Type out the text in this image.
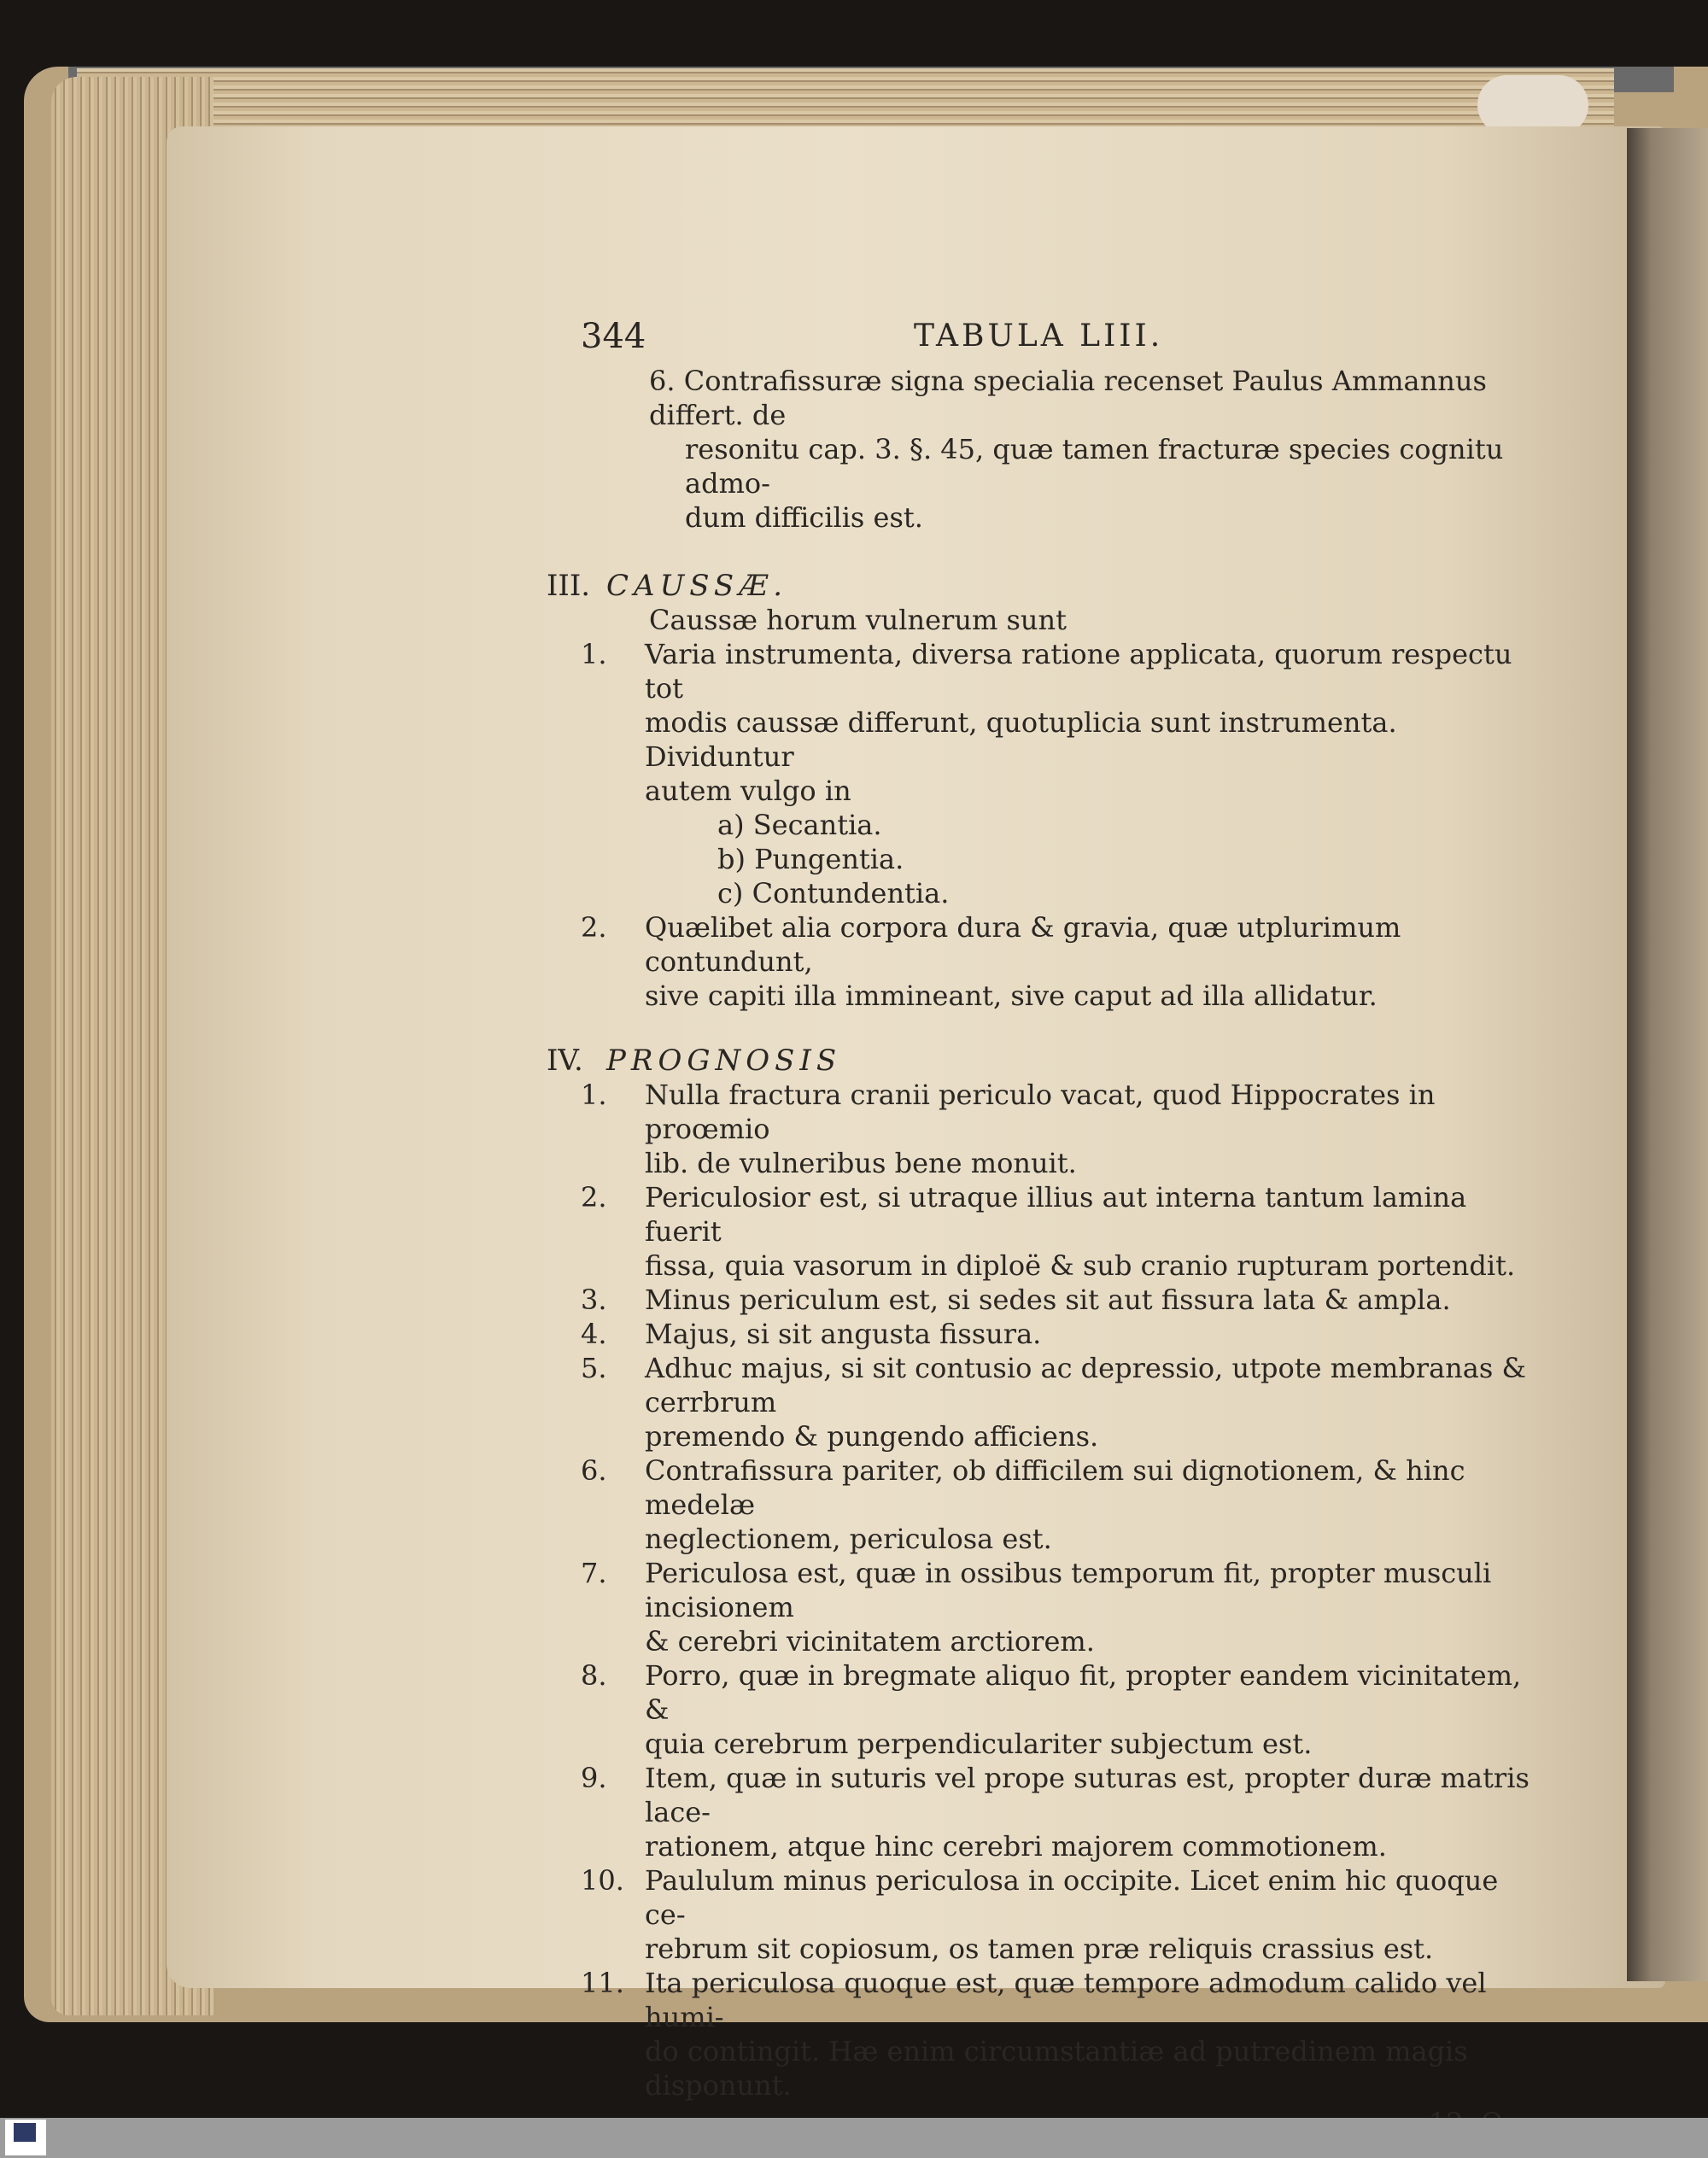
344	TABULA LIII.
6. Contrafissuræ signa specialia recenset Paulus Ammannus differt. de
resonitu cap. 3. §. 45, quæ tamen fracturæ species cognitu admo-
dum difficilis est.
III. CAUSSÆ.
Caussæ horum vulnerum sunt
1. Varia instrumenta, diversa ratione applicata, quorum respectu tot
modis caussæ differunt, quotuplicia sunt instrumenta. Dividuntur
autem vulgo in
a) Secantia.
b) Pungentia.
c) Contundentia.
2. Quælibet alia corpora dura & gravia, quæ utplurimum contundunt,
sive capiti illa immineant, sive caput ad illa allidatur.
IV. PROGNOSIS
1. Nulla fractura cranii periculo vacat, quod Hippocrates in proœmio
lib. de vulneribus bene monuit.
2. Periculosior est, si utraque illius aut interna tantum lamina fuerit
fissa, quia vasorum in diploë & sub cranio rupturam portendit.
3. Minus periculum est, si sedes sit aut fissura lata & ampla.
4. Majus, si sit angusta fissura.
5. Adhuc majus, si sit contusio ac depressio, utpote membranas & cerrbrum
premendo & pungendo afficiens.
6. Contrafissura pariter, ob difficilem sui dignotionem, & hinc medelæ
neglectionem, periculosa est.
7. Periculosa est, quæ in ossibus temporum fit, propter musculi incisionem
& cerebri vicinitatem arctiorem.
8. Porro, quæ in bregmate aliquo fit, propter eandem vicinitatem, &
quia cerebrum perpendiculariter subjectum est.
9. Item, quæ in suturis vel prope suturas est, propter duræ matris lace-
rationem, atque hinc cerebri majorem commotionem.
10. Paululum minus periculosa in occipite. Licet enim hic quoque ce-
rebrum sit copiosum, os tamen præ reliquis crassius est.
11. Ita periculosa quoque est, quæ tempore admodum calido vel humi-
do contingit. Hæ enim circumstantiæ ad putredinem magis
disponunt.
